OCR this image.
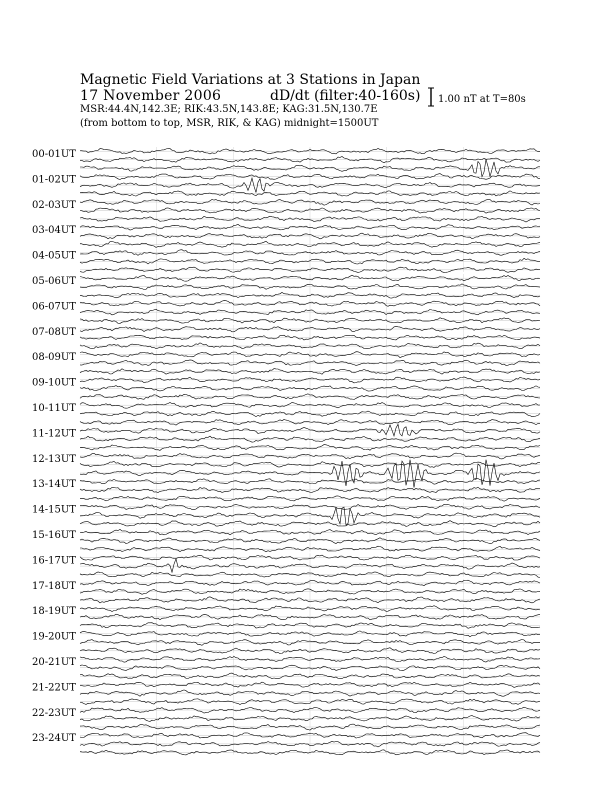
Magnetic Field Variations at 3 Stations in Japan
17 November 2006	dD/dt (filter:40-160s)
MSR:44.4N,142.3E; RIK:43.5N,143.8E; KAG:31.5N,130.7E
(from bottom to top, MSR, RIK, & KAG) midnight=1500UT
1.00 nT at T=80s
00-01UT
01-02UT
02-03UT
03-04UT
04-05UT
05-06UT
06-07UT
07-08UT
08-09UT
09-10UT
10-11UT
11-12UT
12-13UT
13-14UT
14-15UT
15-16UT
16-17UT
17-18UT
18-19UT
19-20UT
20-21UT
21-22UT
22-23UT
23-24UT
